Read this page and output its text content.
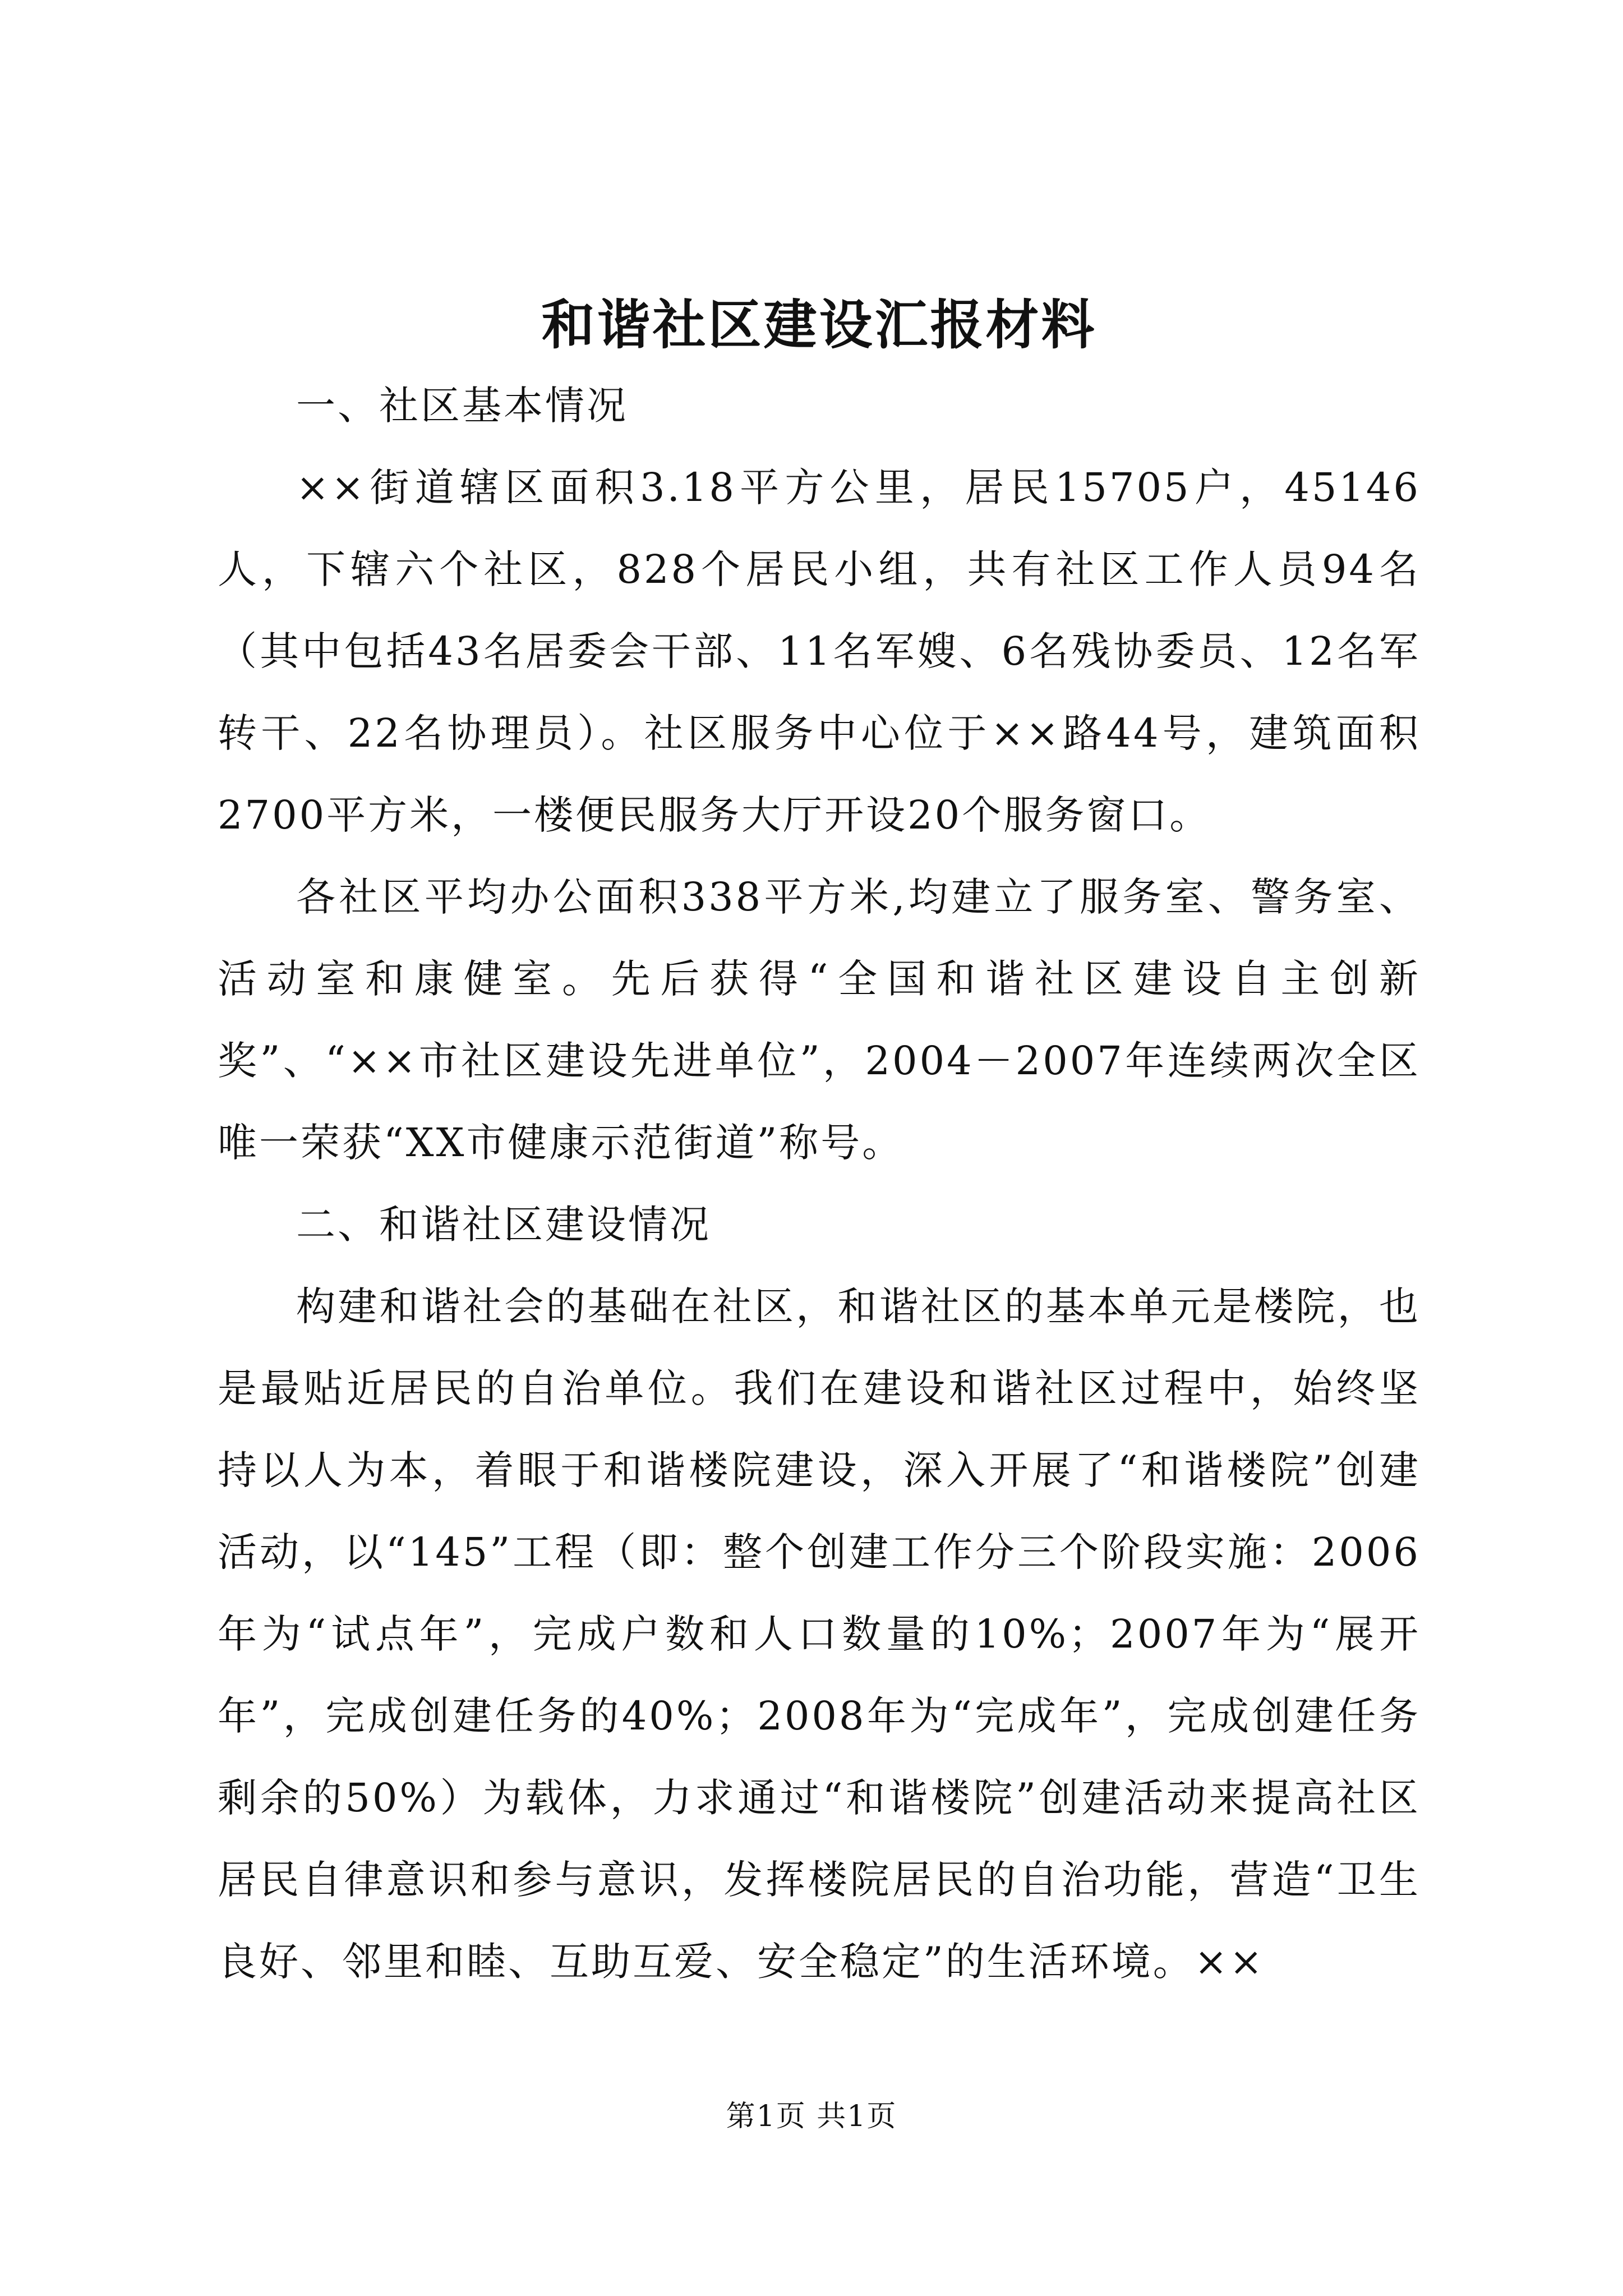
和谐社区建设汇报材料
一、社区基本情况

××街道辖区面积3.18平方公里，居民15705户，45146人，下辖六个社区，828个居民小组，共有社区工作人员94名（其中包括43名居委会干部、11名军嫂、6名残协委员、12名军转干、22名协理员）。社区服务中心位于××路44号，建筑面积2700平方米，一楼便民服务大厅开设20个服务窗口。

各社区平均办公面积338平方米,均建立了服务室、警务室、活动室和康健室。先后获得“全国和谐社区建设自主创新奖”、“××市社区建设先进单位”，2004－2007年连续两次全区唯一荣获“XX市健康示范街道”称号。

二、和谐社区建设情况

构建和谐社会的基础在社区，和谐社区的基本单元是楼院，也是最贴近居民的自治单位。我们在建设和谐社区过程中，始终坚持以人为本，着眼于和谐楼院建设，深入开展了“和谐楼院”创建活动，以“145”工程（即：整个创建工作分三个阶段实施：2006年为“试点年”，完成户数和人口数量的10%；2007年为“展开年”，完成创建任务的40%；2008年为“完成年”，完成创建任务剩余的50%）为载体，力求通过“和谐楼院”创建活动来提高社区居民自律意识和参与意识，发挥楼院居民的自治功能，营造“卫生良好、邻里和睦、互助互爱、安全稳定”的生活环境。××

第1页 共1页
